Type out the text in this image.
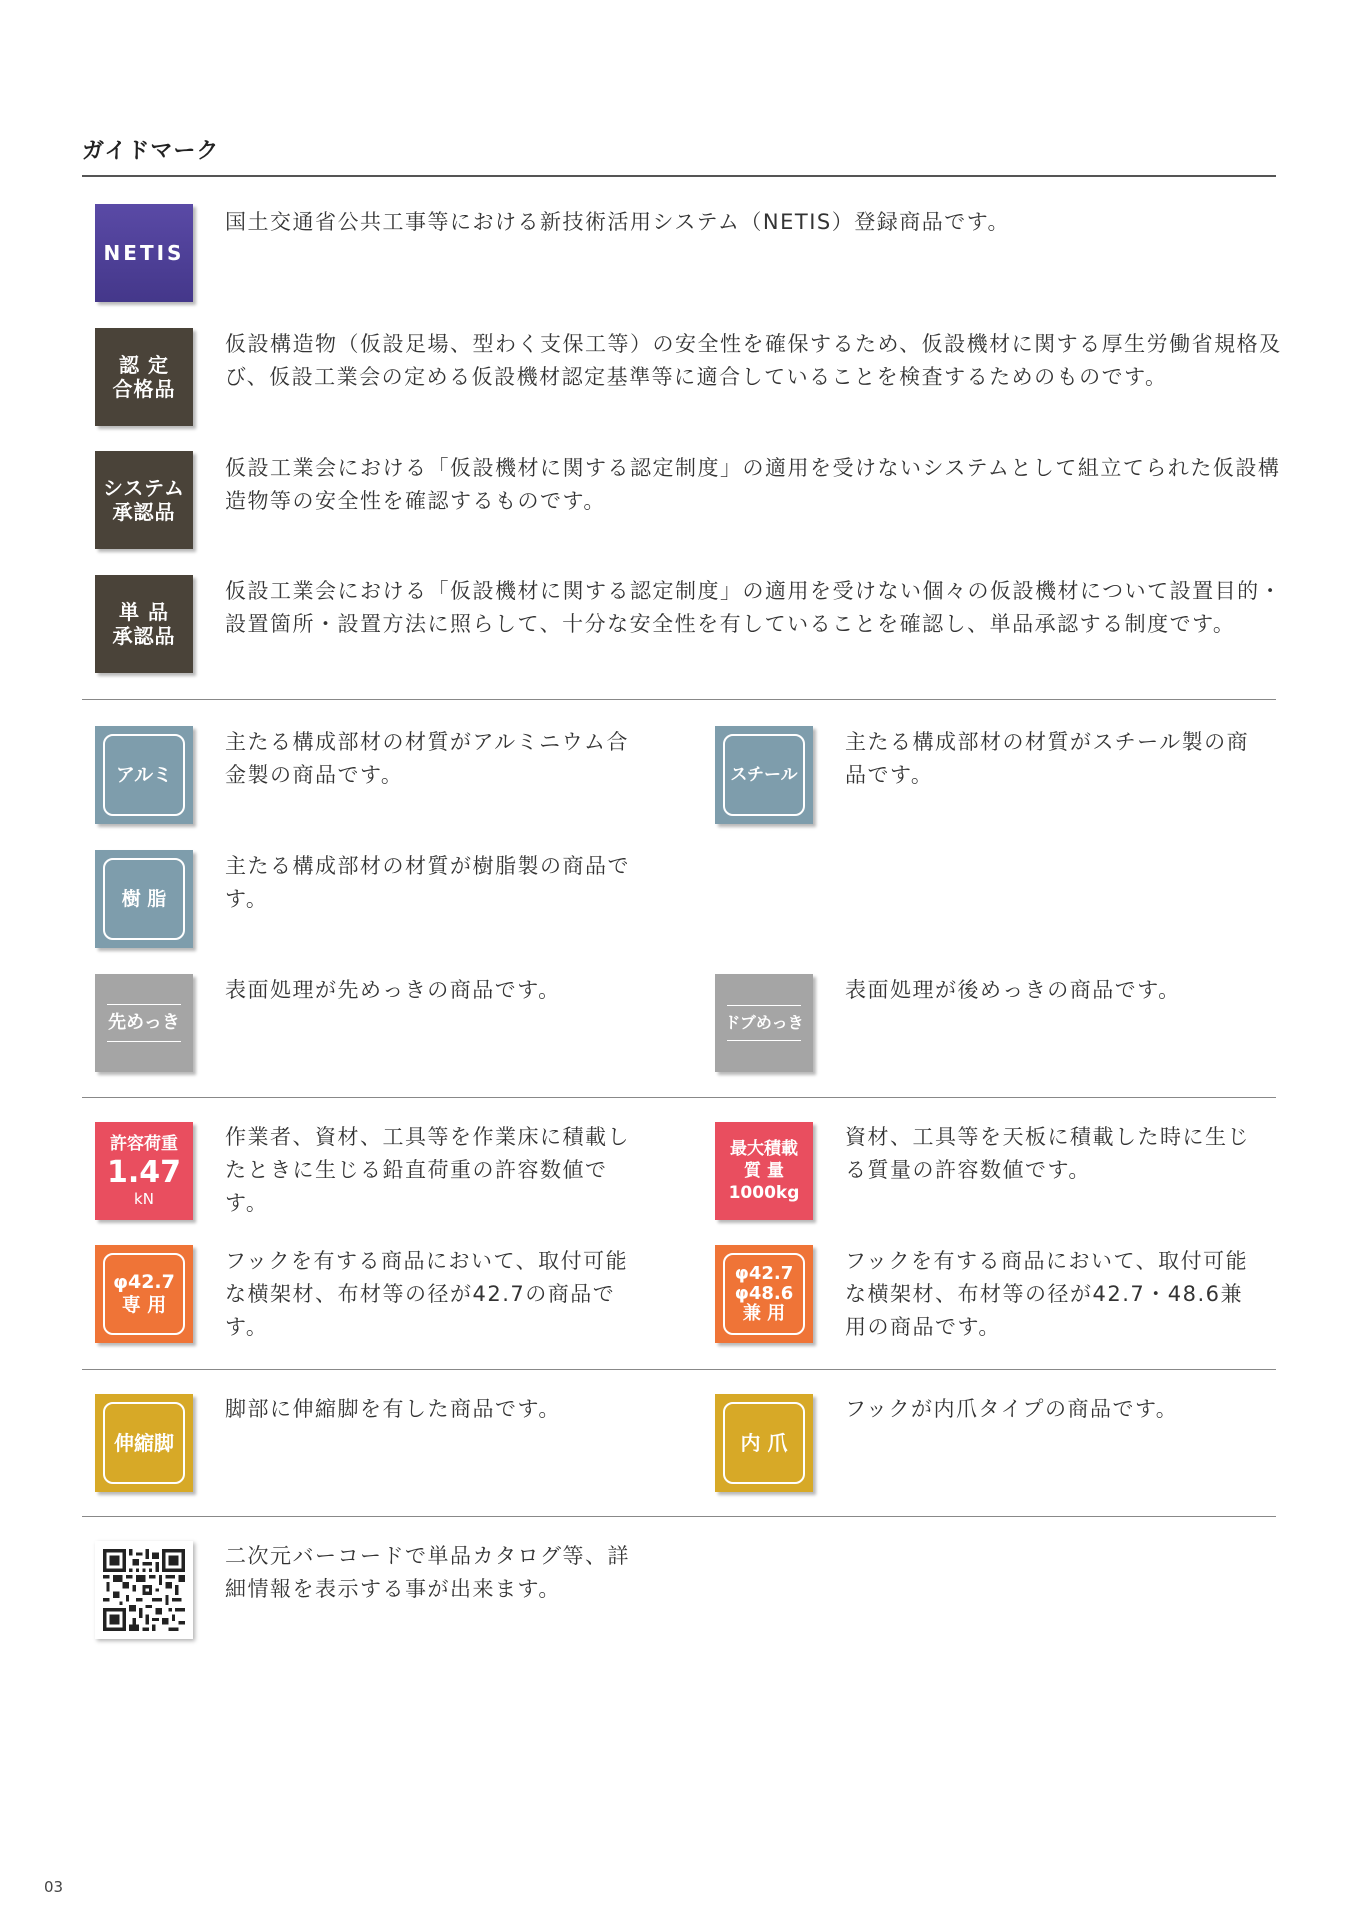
ガイドマーク
NETIS
国土交通省公共工事等における新技術活用システム（NETIS）登録商品です。
認 定
合格品
仮設構造物（仮設足場、型わく支保工等）の安全性を確保するため、仮設機材に関する厚生労働省規格及び、仮設工業会の定める仮設機材認定基準等に適合していることを検査するためのものです。
システム
承認品
仮設工業会における「仮設機材に関する認定制度」の適用を受けないシステムとして組立てられた仮設構造物等の安全性を確認するものです。
単 品
承認品
仮設工業会における「仮設機材に関する認定制度」の適用を受けない個々の仮設機材について設置目的・設置箇所・設置方法に照らして、十分な安全性を有していることを確認し、単品承認する制度です。
アルミ
主たる構成部材の材質がアルミニウム合金製の商品です。	スチール
主たる構成部材の材質がスチール製の商品です。
樹 脂
主たる構成部材の材質が樹脂製の商品です。
先めっき
表面処理が先めっきの商品です。
ドブめっき
表面処理が後めっきの商品です。
許容荷重
1.47
kN
作業者、資材、工具等を作業床に積載したときに生じる鉛直荷重の許容数値です。
最大積載
質 量
1000kg
資材、工具等を天板に積載した時に生じる質量の許容数値です。
φ42.7
専 用
フックを有する商品において、取付可能な横架材、布材等の径が42.7の商品です。
φ42.7
φ48.6
兼 用
フックを有する商品において、取付可能な横架材、布材等の径が42.7・48.6兼用の商品です。
伸縮脚
脚部に伸縮脚を有した商品です。
内 爪
フックが内爪タイプの商品です。
二次元バーコードで単品カタログ等、詳細情報を表示する事が出来ます。
03
